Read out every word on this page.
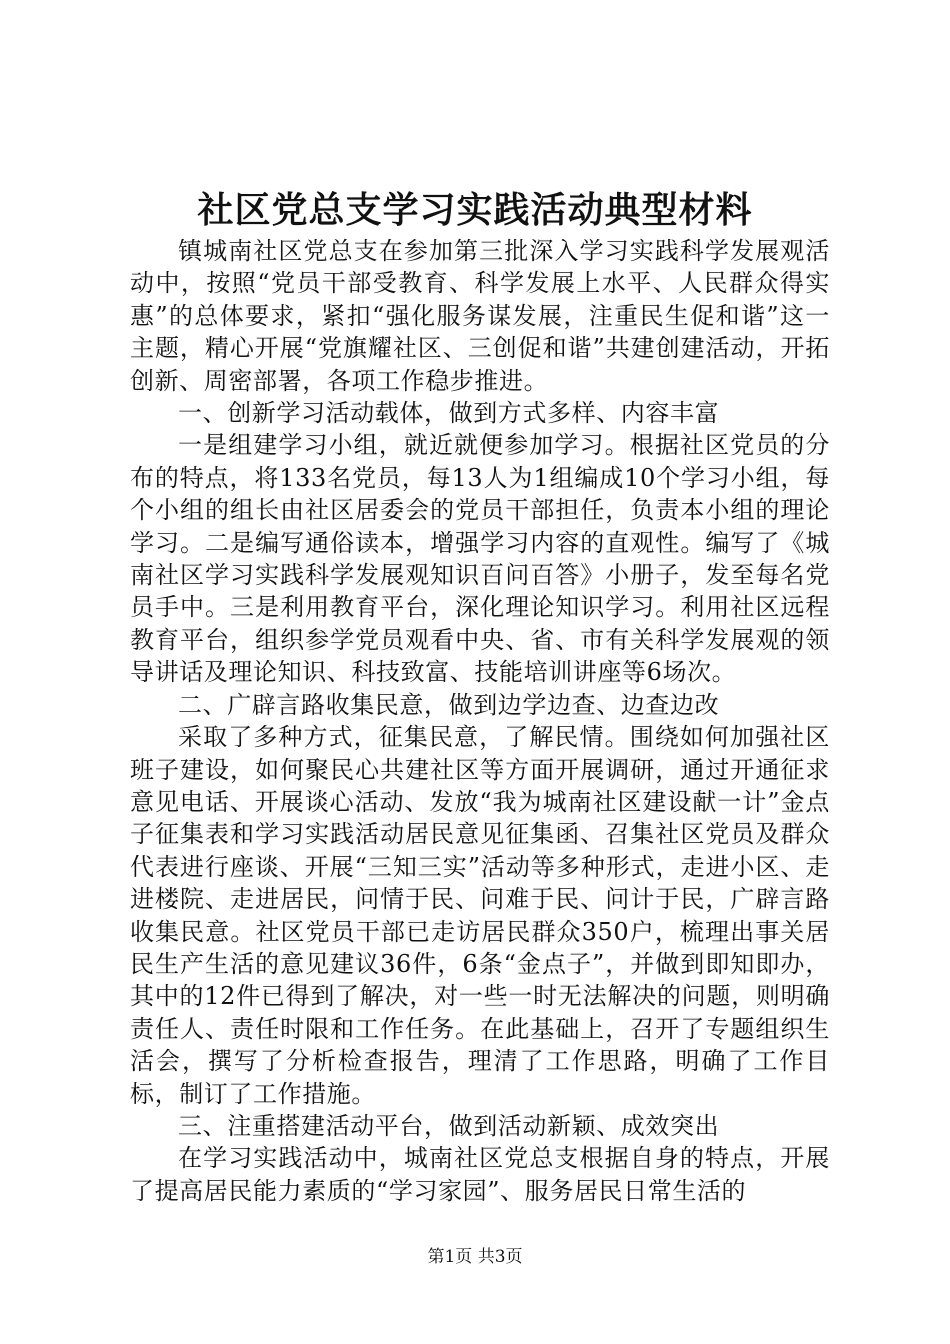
社区党总支学习实践活动典型材料

镇城南社区党总支在参加第三批深入学习实践科学发展观活动中，按照“党员干部受教育、科学发展上水平、人民群众得实惠”的总体要求，紧扣“强化服务谋发展，注重民生促和谐”这一主题，精心开展“党旗耀社区、三创促和谐”共建创建活动，开拓创新、周密部署，各项工作稳步推进。

一、创新学习活动载体，做到方式多样、内容丰富

一是组建学习小组，就近就便参加学习。根据社区党员的分布的特点，将133名党员，每13人为1组编成10个学习小组，每个小组的组长由社区居委会的党员干部担任，负责本小组的理论学习。二是编写通俗读本，增强学习内容的直观性。编写了《城南社区学习实践科学发展观知识百问百答》小册子，发至每名党员手中。三是利用教育平台，深化理论知识学习。利用社区远程教育平台，组织参学党员观看中央、省、市有关科学发展观的领导讲话及理论知识、科技致富、技能培训讲座等6场次。

二、广辟言路收集民意，做到边学边查、边查边改

采取了多种方式，征集民意，了解民情。围绕如何加强社区班子建设，如何聚民心共建社区等方面开展调研，通过开通征求意见电话、开展谈心活动、发放“我为城南社区建设献一计”金点子征集表和学习实践活动居民意见征集函、召集社区党员及群众代表进行座谈、开展“三知三实”活动等多种形式，走进小区、走进楼院、走进居民，问情于民、问难于民、问计于民，广辟言路收集民意。社区党员干部已走访居民群众350户，梳理出事关居民生产生活的意见建议36件，6条“金点子”，并做到即知即办，其中的12件已得到了解决，对一些一时无法解决的问题，则明确责任人、责任时限和工作任务。在此基础上，召开了专题组织生活会，撰写了分析检查报告，理清了工作思路，明确了工作目标，制订了工作措施。

三、注重搭建活动平台，做到活动新颖、成效突出

在学习实践活动中，城南社区党总支根据自身的特点，开展了提高居民能力素质的“学习家园”、服务居民日常生活的

第1页 共3页
